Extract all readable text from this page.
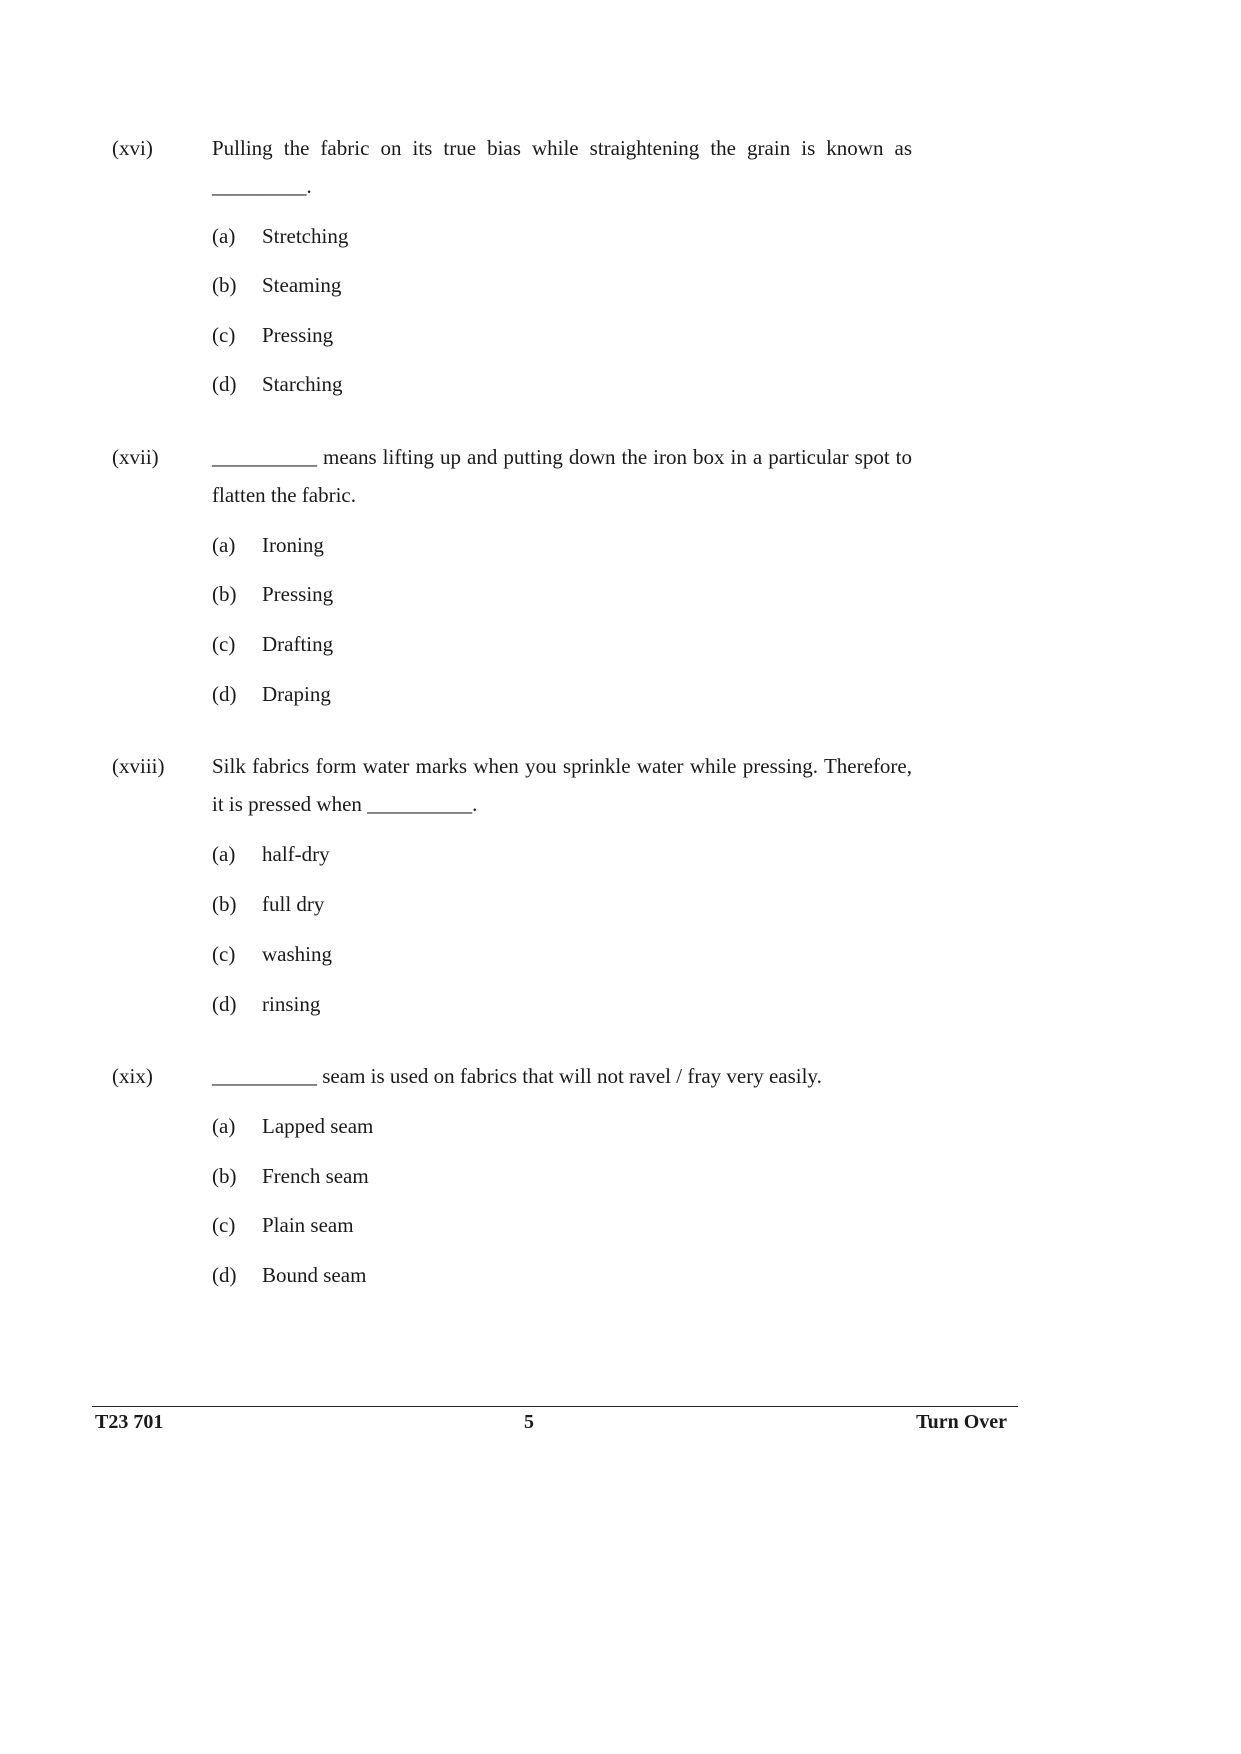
(xvi)	Pulling the fabric on its true bias while straightening the grain is known as _________.
(a) Stretching
(b) Steaming
(c) Pressing
(d) Starching
(xvii)	__________ means lifting up and putting down the iron box in a particular spot to flatten the fabric.
(a) Ironing
(b) Pressing
(c) Drafting
(d) Draping
(xviii) Silk fabrics form water marks when you sprinkle water while pressing. Therefore, it is pressed when __________.
(a) half-dry
(b) full dry
(c) washing
(d) rinsing
(xix)	__________ seam is used on fabrics that will not ravel / fray very easily.
(a) Lapped seam
(b) French seam
(c) Plain seam
(d) Bound seam
T23 701	5	Turn Over
